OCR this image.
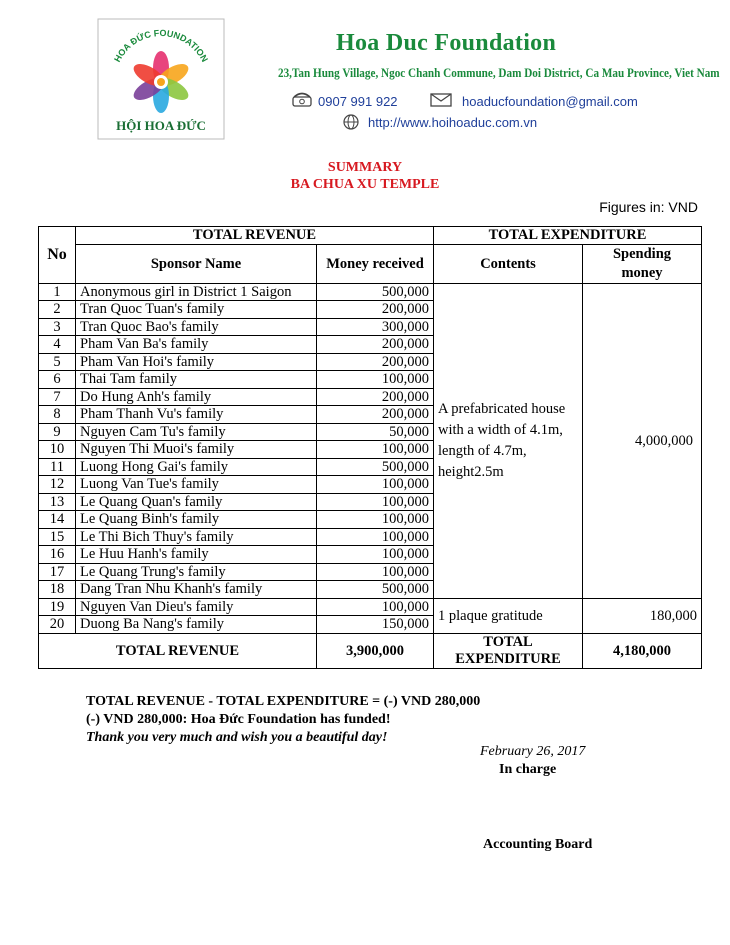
HOA ĐỨC FOUNDATION
HỘI HOA ĐỨC
Hoa Duc Foundation
23,Tan Hung Village, Ngoc Chanh Commune, Dam Doi District, Ca Mau Province, Viet Nam
0907 991 922	hoaducfoundation@gmail.com
http://www.hoihoaduc.com.vn
SUMMARY
BA CHUA XU TEMPLE
Figures in: VND
No	TOTAL REVENUE		TOTAL EXPENDITURE	
	Sponsor Name	Money received	Contents	Spending
money
1	Anonymous girl in District 1 Saigon	500,000	A prefabricated house
with a width of 4.1m,
length of 4.7m,
height2.5m	4,000,000
2	Tran Quoc Tuan's family	200,000		
3	Tran Quoc Bao's family	300,000		
4	Pham Van Ba's family	200,000		
5	Pham Van Hoi's family	200,000		
6	Thai Tam family	100,000		
7	Do Hung Anh's family	200,000		
8	Pham Thanh Vu's family	200,000		
9	Nguyen Cam Tu's family	50,000		
10	Nguyen Thi Muoi's family	100,000		
11	Luong Hong Gai's family	500,000		
12	Luong Van Tue's family	100,000		
13	Le Quang Quan's family	100,000		
14	Le Quang Binh's family	100,000		
15	Le Thi Bich Thuy's family	100,000		
16	Le Huu Hanh's family	100,000		
17	Le Quang Trung's family	100,000		
18	Dang Tran Nhu Khanh's family	500,000		
19	Nguyen Van Dieu's family	100,000	1 plaque gratitude	180,000
20	Duong Ba Nang's family	150,000		
TOTAL REVENUE		3,900,000	TOTAL
EXPENDITURE	4,180,000
TOTAL REVENUE - TOTAL EXPENDITURE = (-) VND 280,000
(-) VND 280,000: Hoa Đức Foundation has funded!
Thank you very much and wish you a beautiful day!
February 26, 2017
In charge
Accounting Board
